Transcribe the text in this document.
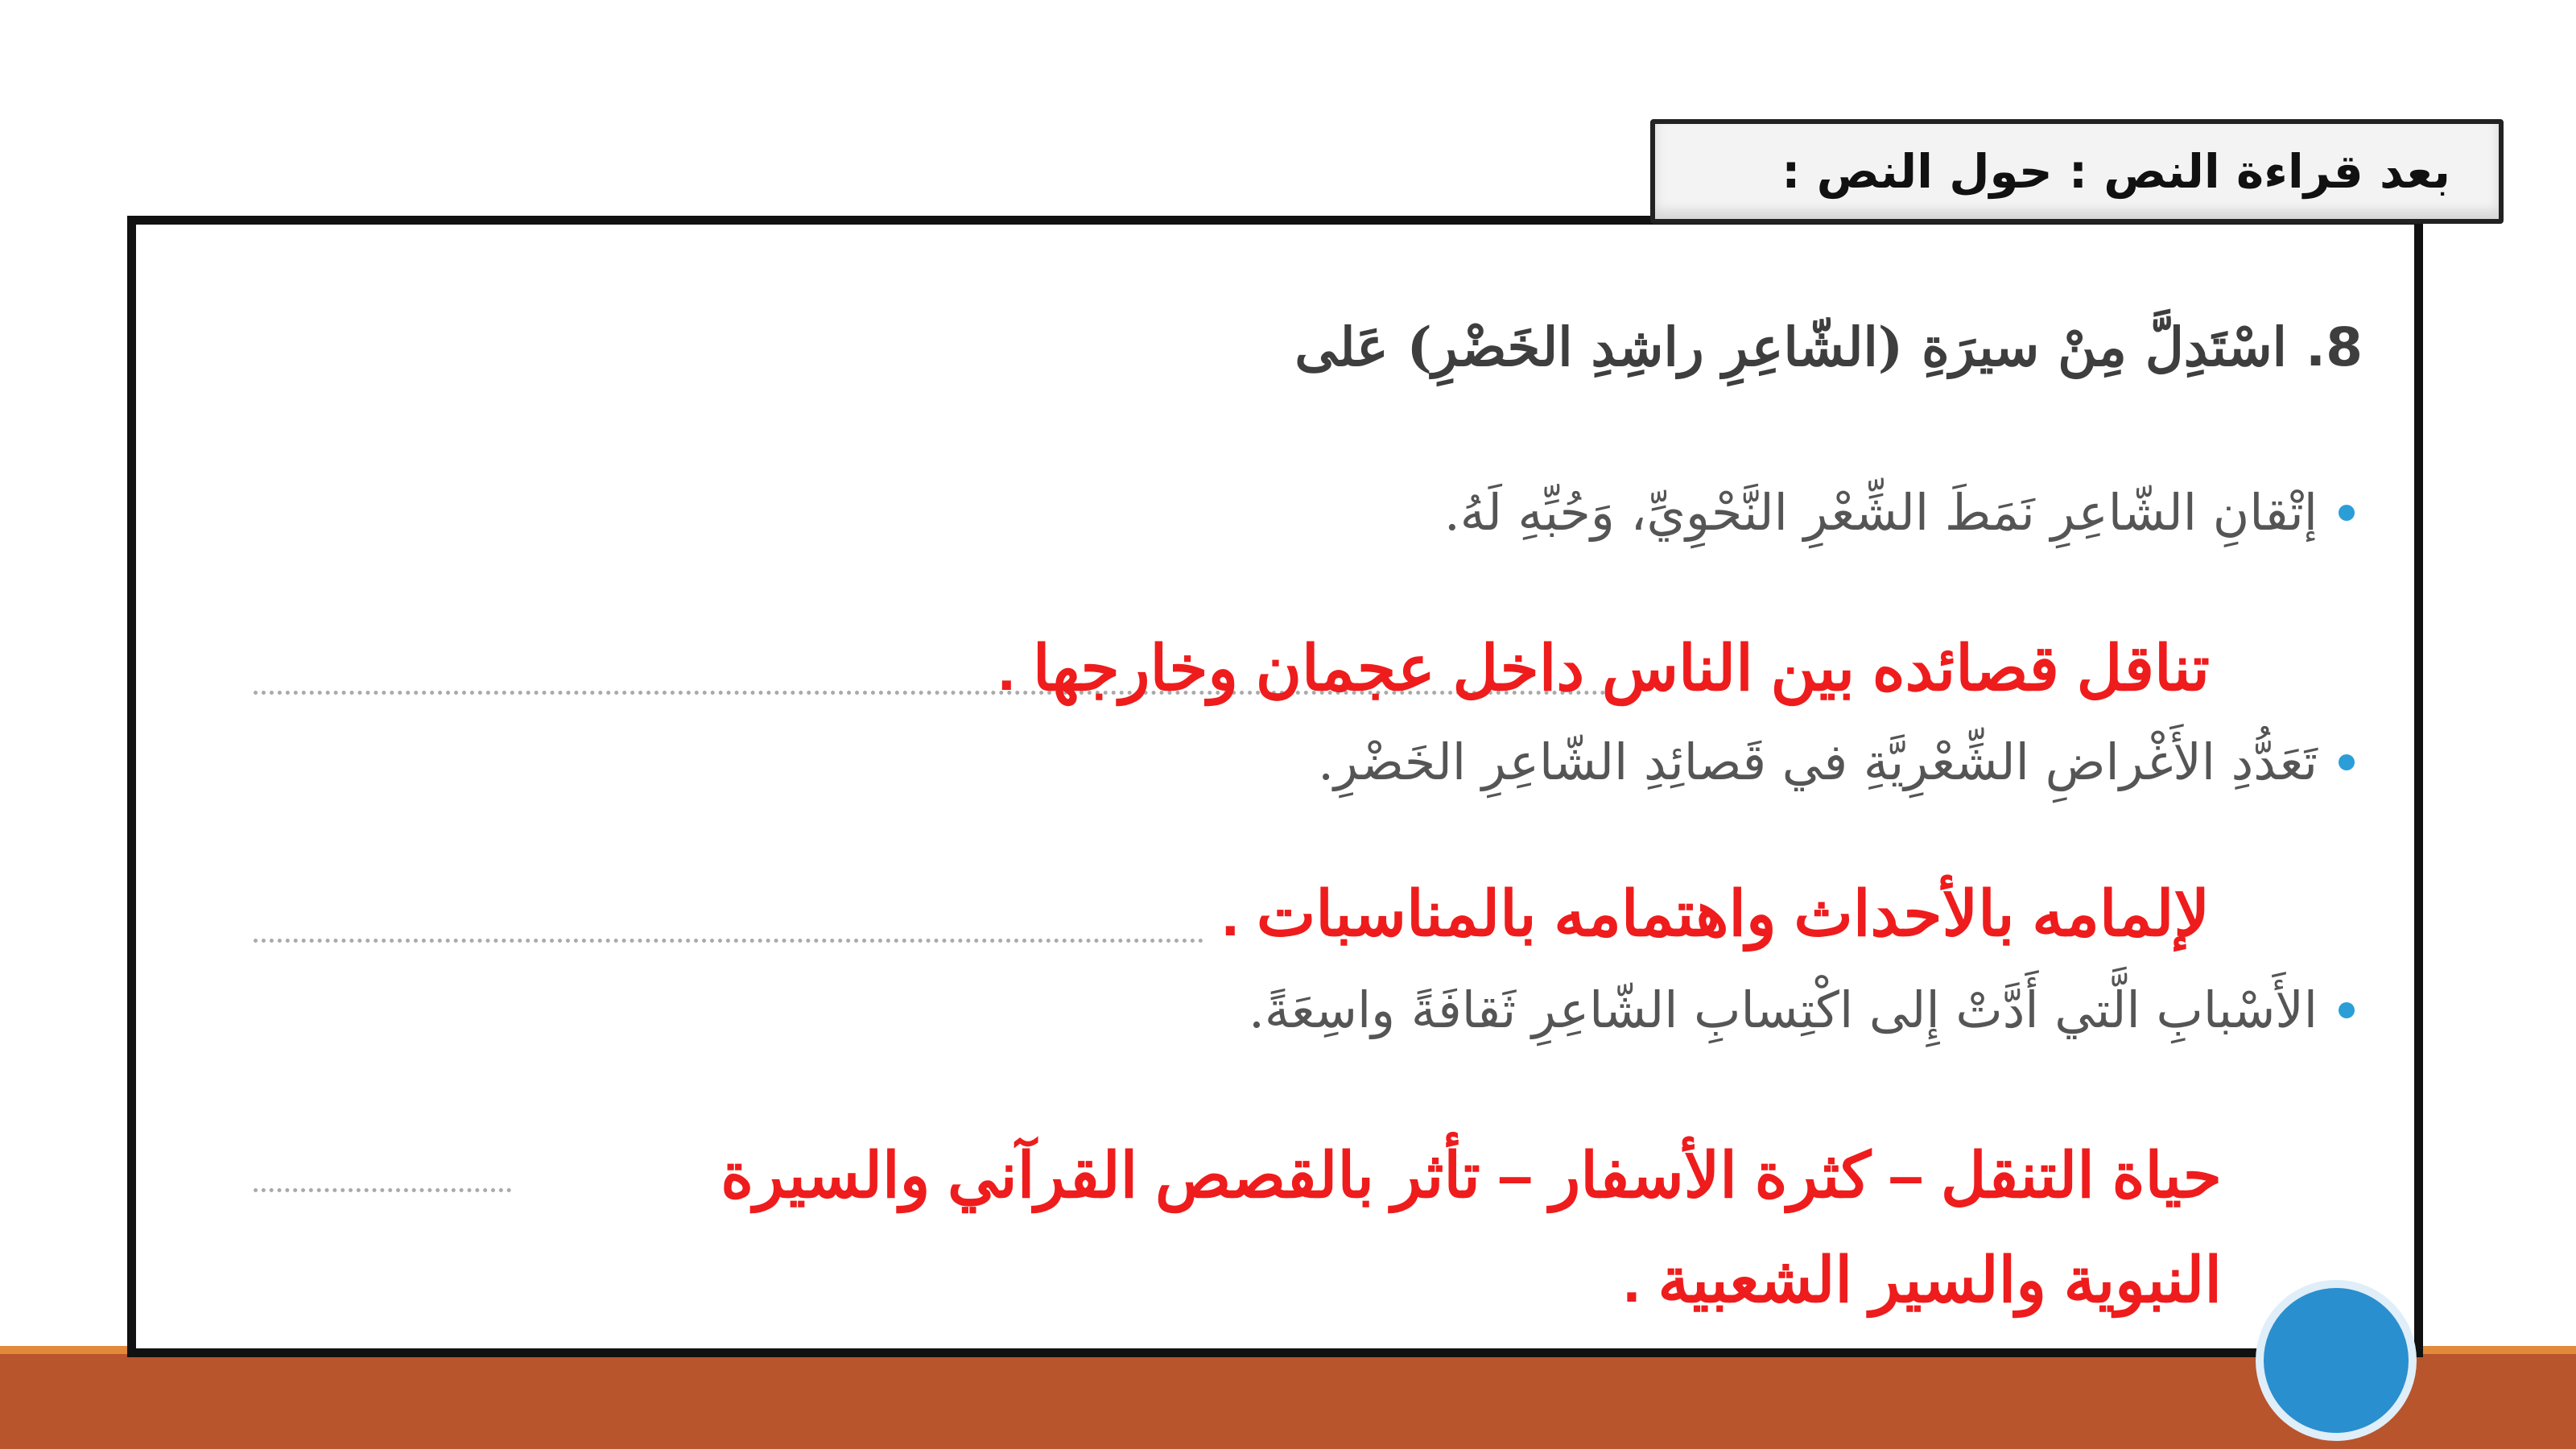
بعد قراءة النص : حول النص :
8. اسْتَدِلَّ مِنْ سيرَةِ (الشّاعِرِ راشِدِ الخَضْرِ) عَلى
إتْقانِ الشّاعِرِ نَمَطَ الشِّعْرِ النَّحْوِيِّ، وَحُبِّهِ لَهُ.
تناقل قصائده بين الناس داخل عجمان وخارجها .
تَعَدُّدِ الأَغْراضِ الشِّعْرِيَّةِ في قَصائِدِ الشّاعِرِ الخَضْرِ.
لإلمامه بالأحداث واهتمامه بالمناسبات .
الأَسْبابِ الَّتي أَدَّتْ إِلى اكْتِسابِ الشّاعِرِ ثَقافَةً واسِعَةً.
حياة التنقل – كثرة الأسفار – تأثر بالقصص القرآني والسيرة
النبوية والسير الشعبية .
